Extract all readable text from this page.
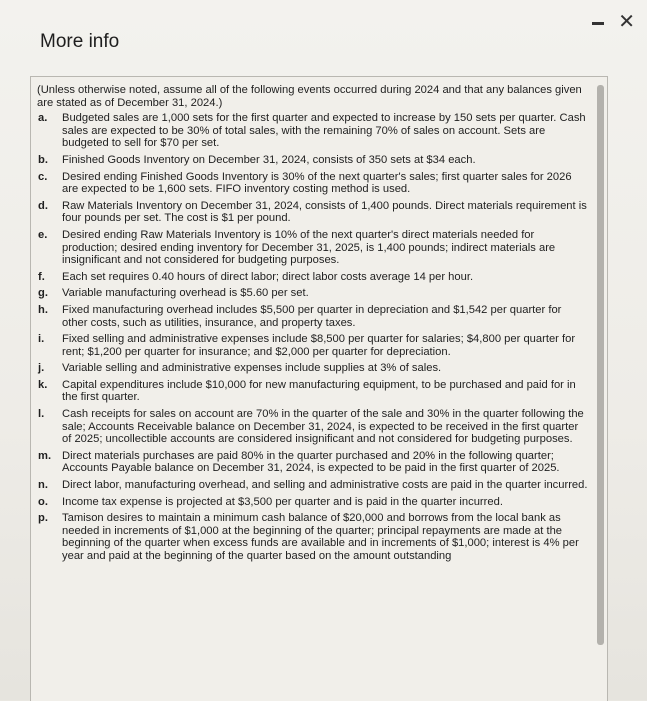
More info
✕

(Unless otherwise noted, assume all of the following events occurred during 2024 and that any balances given are stated as of December 31, 2024.)

a.	Budgeted sales are 1,000 sets for the first quarter and expected to increase by 150 sets per quarter. Cash sales are expected to be 30% of total sales, with the remaining 70% of sales on account. Sets are budgeted to sell for $70 per set.
b.	Finished Goods Inventory on December 31, 2024, consists of 350 sets at $34 each.
c.	Desired ending Finished Goods Inventory is 30% of the next quarter's sales; first quarter sales for 2026 are expected to be 1,600 sets. FIFO inventory costing method is used.
d.	Raw Materials Inventory on December 31, 2024, consists of 1,400 pounds. Direct materials requirement is four pounds per set. The cost is $1 per pound.
e.	Desired ending Raw Materials Inventory is 10% of the next quarter's direct materials needed for production; desired ending inventory for December 31, 2025, is 1,400 pounds; indirect materials are insignificant and not considered for budgeting purposes.
f.	Each set requires 0.40 hours of direct labor; direct labor costs average 14 per hour.
g.	Variable manufacturing overhead is $5.60 per set.
h.	Fixed manufacturing overhead includes $5,500 per quarter in depreciation and $1,542 per quarter for other costs, such as utilities, insurance, and property taxes.
i.	Fixed selling and administrative expenses include $8,500 per quarter for salaries; $4,800 per quarter for rent; $1,200 per quarter for insurance; and $2,000 per quarter for depreciation.
j.	Variable selling and administrative expenses include supplies at 3% of sales.
k.	Capital expenditures include $10,000 for new manufacturing equipment, to be purchased and paid for in the first quarter.
l.	Cash receipts for sales on account are 70% in the quarter of the sale and 30% in the quarter following the sale; Accounts Receivable balance on December 31, 2024, is expected to be received in the first quarter of 2025; uncollectible accounts are considered insignificant and not considered for budgeting purposes.
m. Direct materials purchases are paid 80% in the quarter purchased and 20% in the following quarter; Accounts Payable balance on December 31, 2024, is expected to be paid in the first quarter of 2025.
n.	Direct labor, manufacturing overhead, and selling and administrative costs are paid in the quarter incurred.
o.	Income tax expense is projected at $3,500 per quarter and is paid in the quarter incurred.
p.	Tamison desires to maintain a minimum cash balance of $20,000 and borrows from the local bank as needed in increments of $1,000 at the beginning of the quarter; principal repayments are made at the beginning of the quarter when excess funds are available and in increments of $1,000; interest is 4% per year and paid at the beginning of the quarter based on the amount outstanding
